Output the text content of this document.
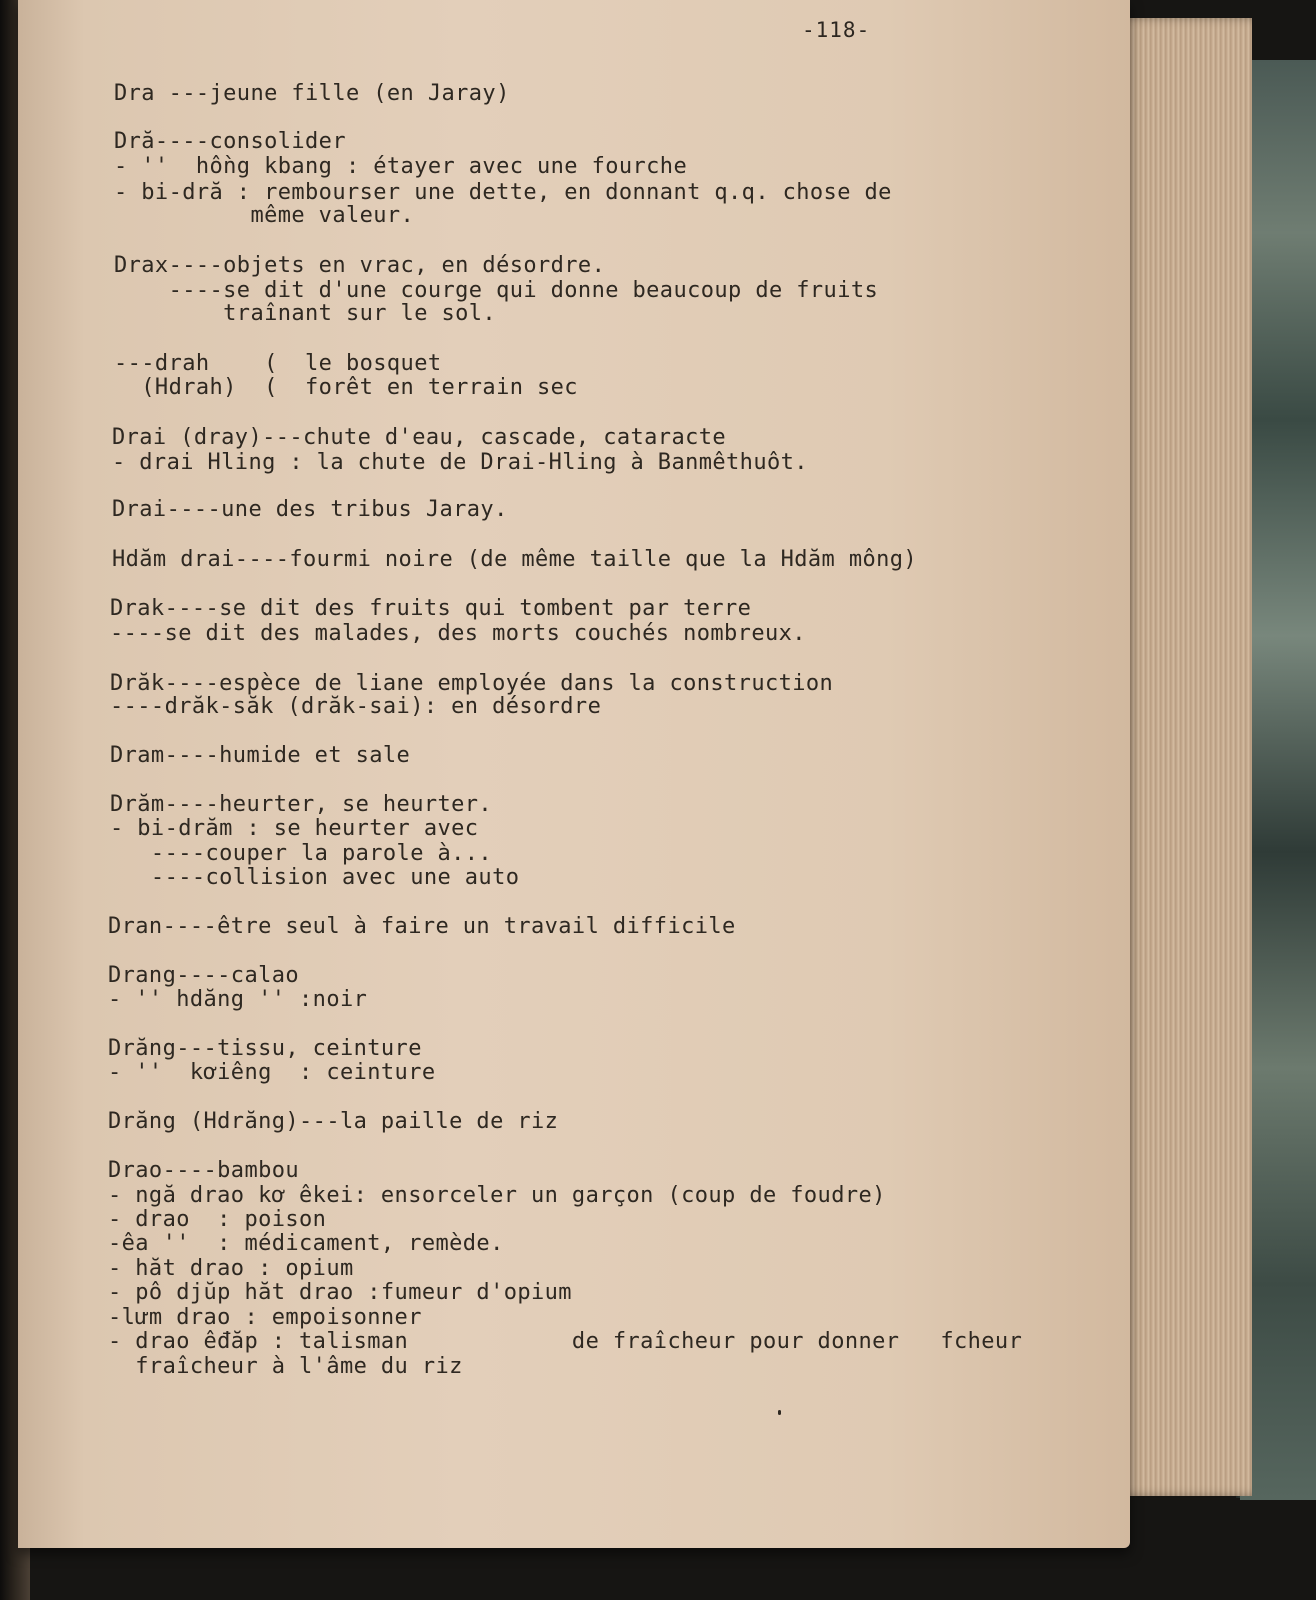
-118-
Dra ---jeune fille (en Jaray)
Dră----consolider
- ''  hồng kbang : étayer avec une fourche
- bi-dră : rembourser une dette, en donnant q.q. chose de
même valeur.
Drax----objets en vrac, en désordre.
----se dit d'une courge qui donne beaucoup de fruits
traînant sur le sol.
---drah    (  le bosquet
(Hdrah)  (  forêt en terrain sec
Drai (dray)---chute d'eau, cascade, cataracte
- drai Hling : la chute de Drai-Hling à Banmêthuôt.
Drai----une des tribus Jaray.
Hdăm drai----fourmi noire (de même taille que la Hdăm mông)
Drak----se dit des fruits qui tombent par terre
----se dit des malades, des morts couchés nombreux.
Drăk----espèce de liane employée dans la construction
----drăk-săk (drăk-sai): en désordre
Dram----humide et sale
Drăm----heurter, se heurter.
- bi-drăm : se heurter avec
----couper la parole à...
----collision avec une auto
Dran----être seul à faire un travail difficile
Drang----calao
- '' hdăng '' :noir
Drăng---tissu, ceinture
- ''  kơiêng  : ceinture
Drăng (Hdrăng)---la paille de riz
Drao----bambou
- ngă drao kơ êkei: ensorceler un garçon (coup de foudre)
- drao  : poison
-êa ''  : médicament, remède.
- hăt drao : opium
- pô djŭp hăt drao :fumeur d'opium
-lưm drao : empoisonner
- drao êđăp : talisman            de fraîcheur pour donner   fcheur
fraîcheur à l'âme du riz
